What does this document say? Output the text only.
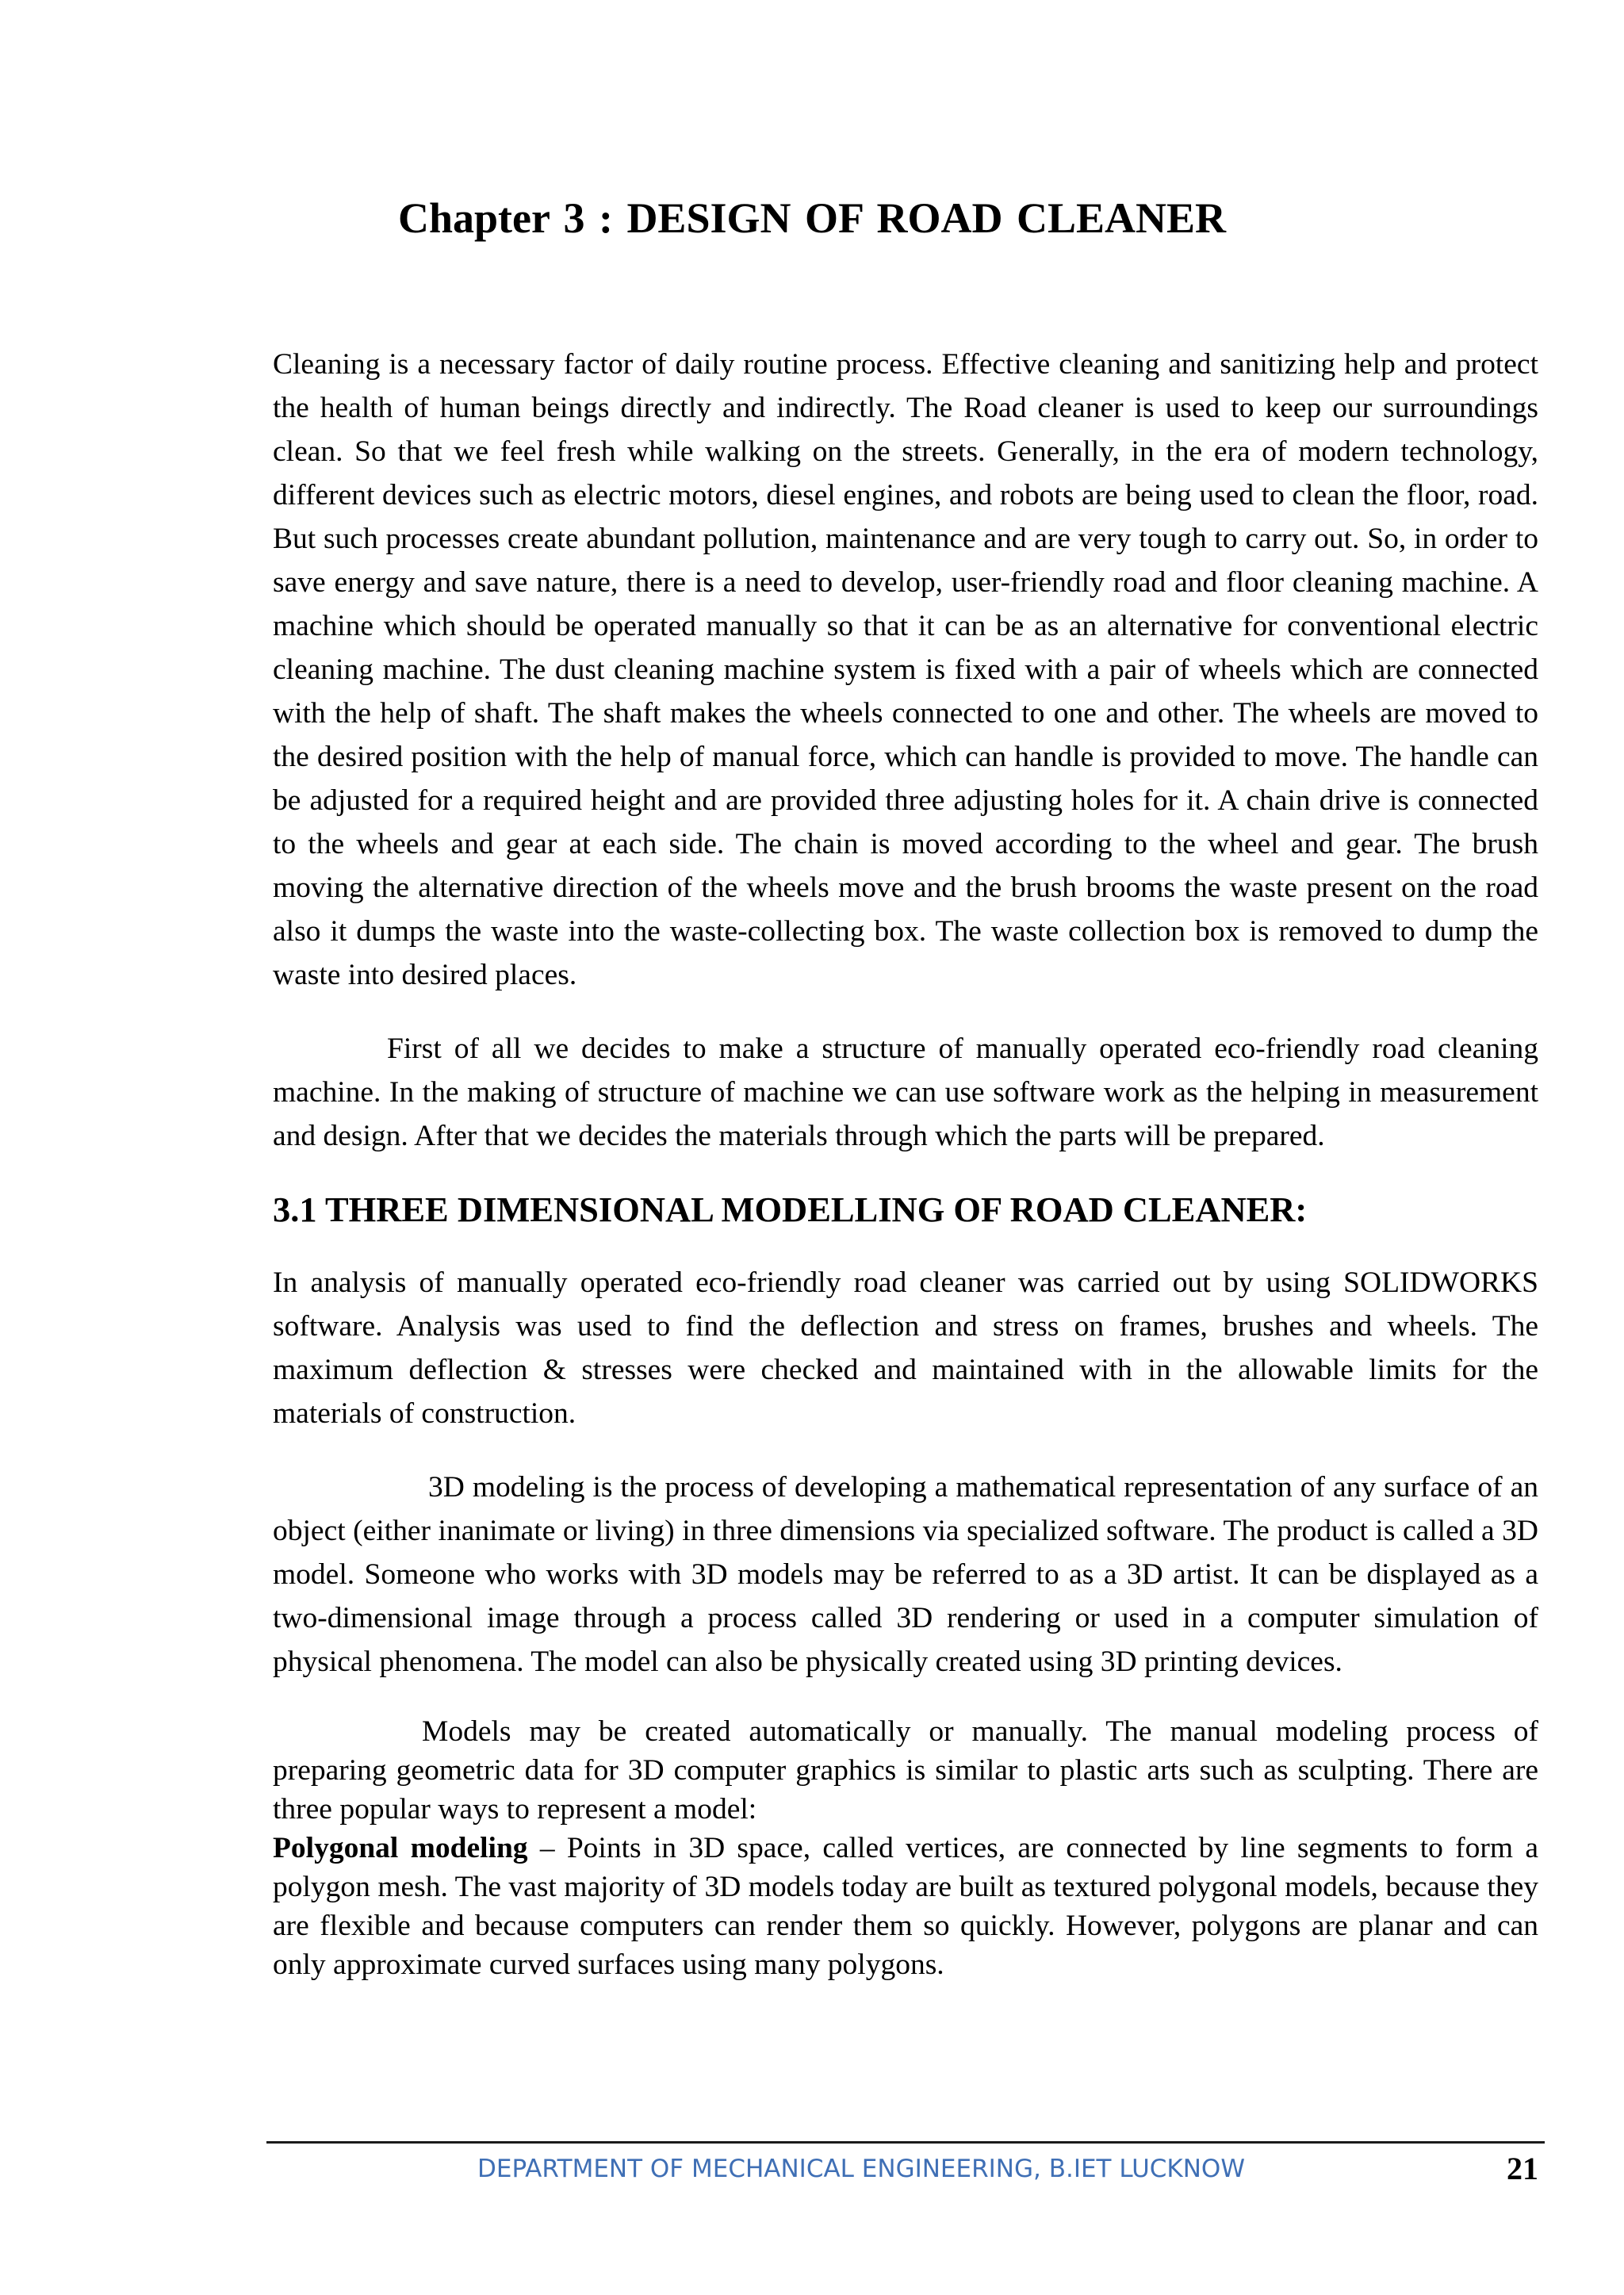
Chapter 3 : DESIGN OF ROAD CLEANER

Cleaning is a necessary factor of daily routine process. Effective cleaning and sanitizing help and protect the health of human beings directly and indirectly. The Road cleaner is used to keep our surroundings clean. So that we feel fresh while walking on the streets. Generally, in the era of modern technology, different devices such as electric motors, diesel engines, and robots are being used to clean the floor, road. But such processes create abundant pollution, maintenance and are very tough to carry out. So, in order to save energy and save nature, there is a need to develop, user-friendly road and floor cleaning machine. A machine which should be operated manually so that it can be as an alternative for conventional electric cleaning machine. The dust cleaning machine system is fixed with a pair of wheels which are connected with the help of shaft. The shaft makes the wheels connected to one and other. The wheels are moved to the desired position with the help of manual force, which can handle is provided to move. The handle can be adjusted for a required height and are provided three adjusting holes for it. A chain drive is connected to the wheels and gear at each side. The chain is moved according to the wheel and gear. The brush moving the alternative direction of the wheels move and the brush brooms the waste present on the road also it dumps the waste into the waste-collecting box. The waste collection box is removed to dump the waste into desired places.

First of all we decides to make a structure of manually operated eco-friendly road cleaning machine. In the making of structure of machine we can use software work as the helping in measurement and design. After that we decides the materials through which the parts will be prepared.

3.1 THREE DIMENSIONAL MODELLING OF ROAD CLEANER:

In analysis of manually operated eco-friendly road cleaner was carried out by using SOLIDWORKS software. Analysis was used to find the deflection and stress on frames, brushes and wheels. The maximum deflection & stresses were checked and maintained with in the allowable limits for the materials of construction.

3D modeling is the process of developing a mathematical representation of any surface of an object (either inanimate or living) in three dimensions via specialized software. The product is called a 3D model. Someone who works with 3D models may be referred to as a 3D artist. It can be displayed as a two-dimensional image through a process called 3D rendering or used in a computer simulation of physical phenomena. The model can also be physically created using 3D printing devices.

Models may be created automatically or manually. The manual modeling process of preparing geometric data for 3D computer graphics is similar to plastic arts such as sculpting. There are three popular ways to represent a model:

Polygonal modeling – Points in 3D space, called vertices, are connected by line segments to form a polygon mesh. The vast majority of 3D models today are built as textured polygonal models, because they are flexible and because computers can render them so quickly. However, polygons are planar and can only approximate curved surfaces using many polygons.

DEPARTMENT OF MECHANICAL ENGINEERING, B.IET LUCKNOW	21
